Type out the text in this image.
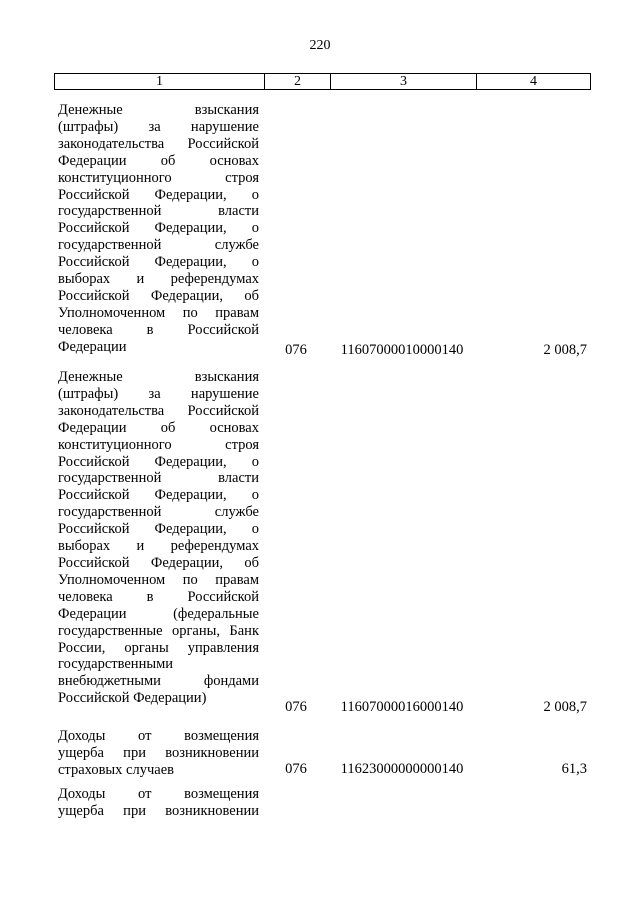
220
1	2	3	4
Денежные взыскания
(штрафы) за нарушение
законодательства Российской
Федерации об основах
конституционного строя
Российской Федерации, о
государственной власти
Российской Федерации, о
государственной службе
Российской Федерации, о
выборах и референдумах
Российской Федерации, об
Уполномоченном по правам
человека в Российской
Федерации	076	11607000010000140	2 008,7
Денежные взыскания
(штрафы) за нарушение
законодательства Российской
Федерации об основах
конституционного строя
Российской Федерации, о
государственной власти
Российской Федерации, о
государственной службе
Российской Федерации, о
выборах и референдумах
Российской Федерации, об
Уполномоченном по правам
человека в Российской
Федерации (федеральные
государственные органы, Банк
России, органы управления
государственными
внебюджетными фондами
Российской Федерации)
076	11607000016000140	2 008,7
Доходы от возмещения
ущерба при возникновении
страховых случаев	076	11623000000000140	61,3
Доходы от возмещения
ущерба при возникновении
